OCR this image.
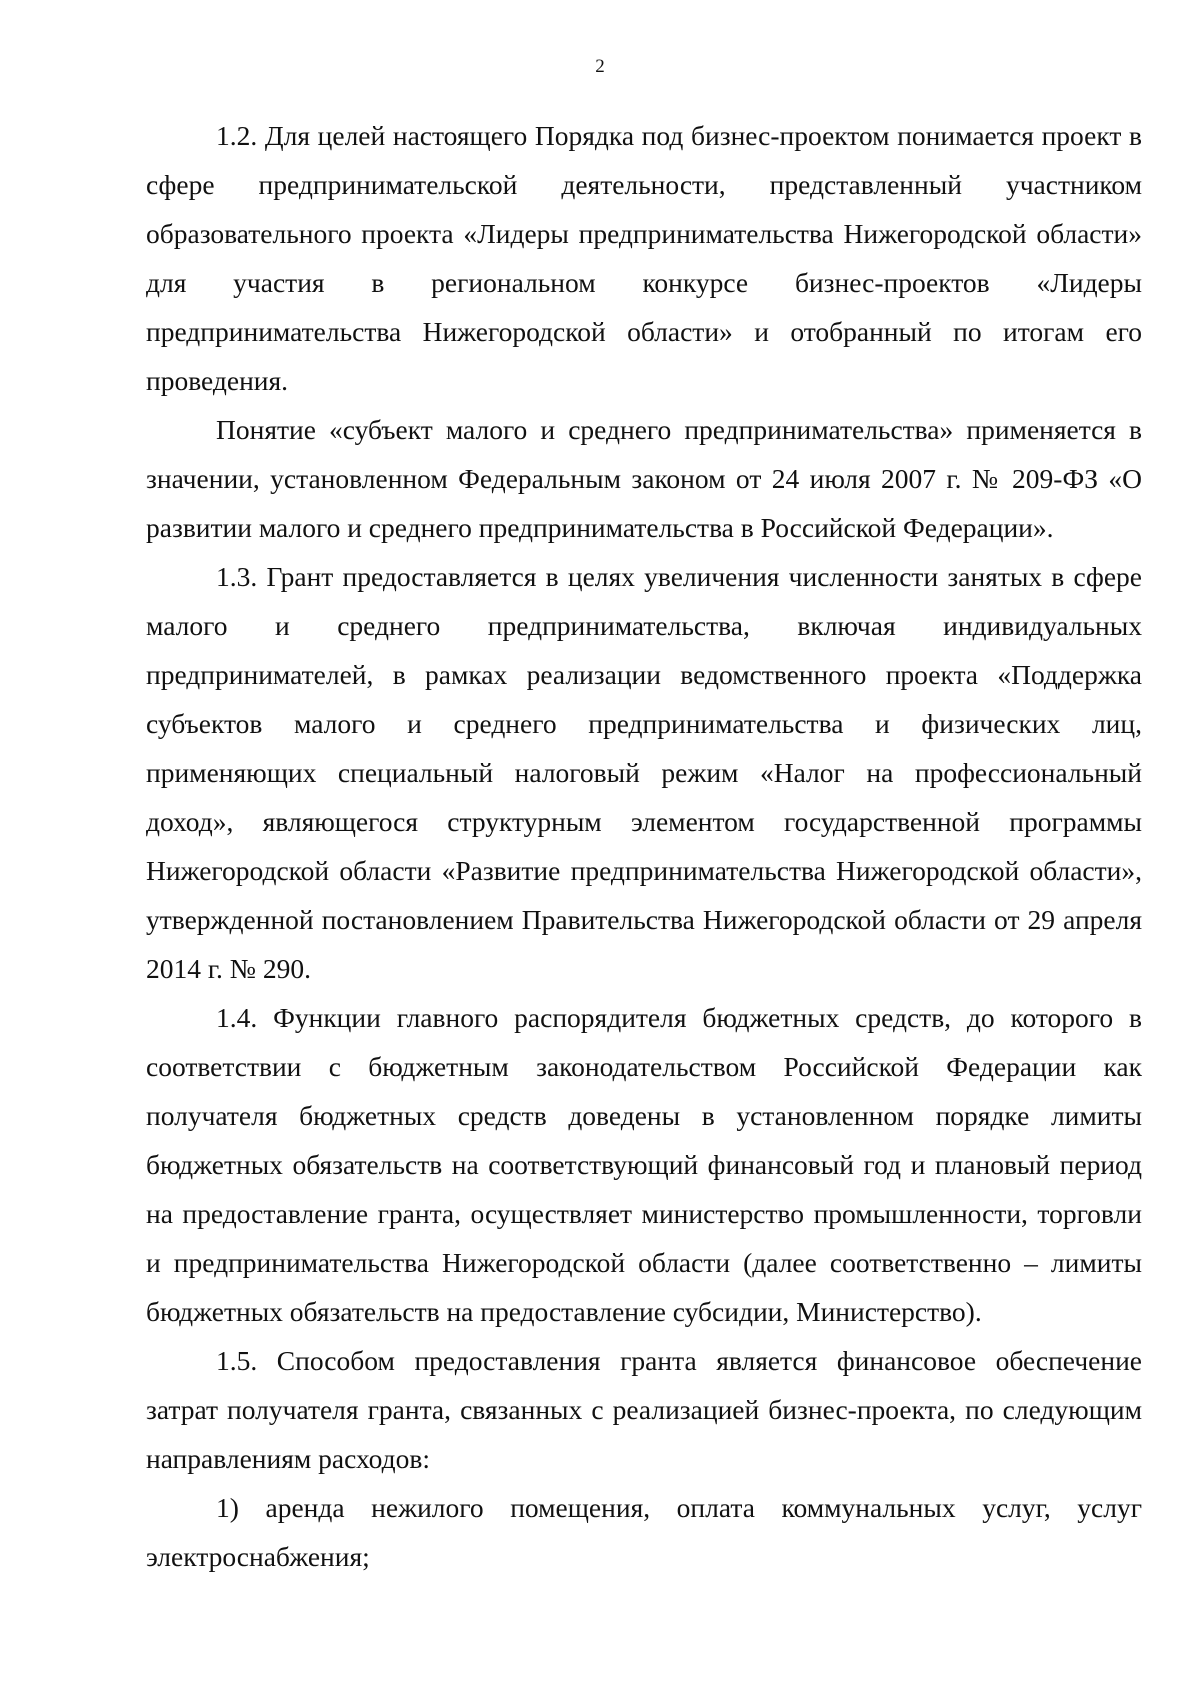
2

1.2. Для целей настоящего Порядка под бизнес-проектом понимается проект в сфере предпринимательской деятельности, представленный участником образовательного проекта «Лидеры предпринимательства Нижегородской области» для участия в региональном конкурсе бизнес-проектов «Лидеры предпринимательства Нижегородской области» и отобранный по итогам его проведения.

Понятие «субъект малого и среднего предпринимательства» применяется в значении, установленном Федеральным законом от 24 июля 2007 г. № 209-ФЗ «О развитии малого и среднего предпринимательства в Российской Федерации».

1.3. Грант предоставляется в целях увеличения численности занятых в сфере малого и среднего предпринимательства, включая индивидуальных предпринимателей, в рамках реализации ведомственного проекта «Поддержка субъектов малого и среднего предпринимательства и физических лиц, применяющих специальный налоговый режим «Налог на профессиональный доход», являющегося структурным элементом государственной программы Нижегородской области «Развитие предпринимательства Нижегородской области», утвержденной постановлением Правительства Нижегородской области от 29 апреля 2014 г. № 290.

1.4. Функции главного распорядителя бюджетных средств, до которого в соответствии с бюджетным законодательством Российской Федерации как получателя бюджетных средств доведены в установленном порядке лимиты бюджетных обязательств на соответствующий финансовый год и плановый период на предоставление гранта, осуществляет министерство промышленности, торговли и предпринимательства Нижегородской области (далее соответственно – лимиты бюджетных обязательств на предоставление субсидии, Министерство).

1.5. Способом предоставления гранта является финансовое обеспечение затрат получателя гранта, связанных с реализацией бизнес-проекта, по следующим направлениям расходов:

1) аренда нежилого помещения, оплата коммунальных услуг, услуг электроснабжения;
